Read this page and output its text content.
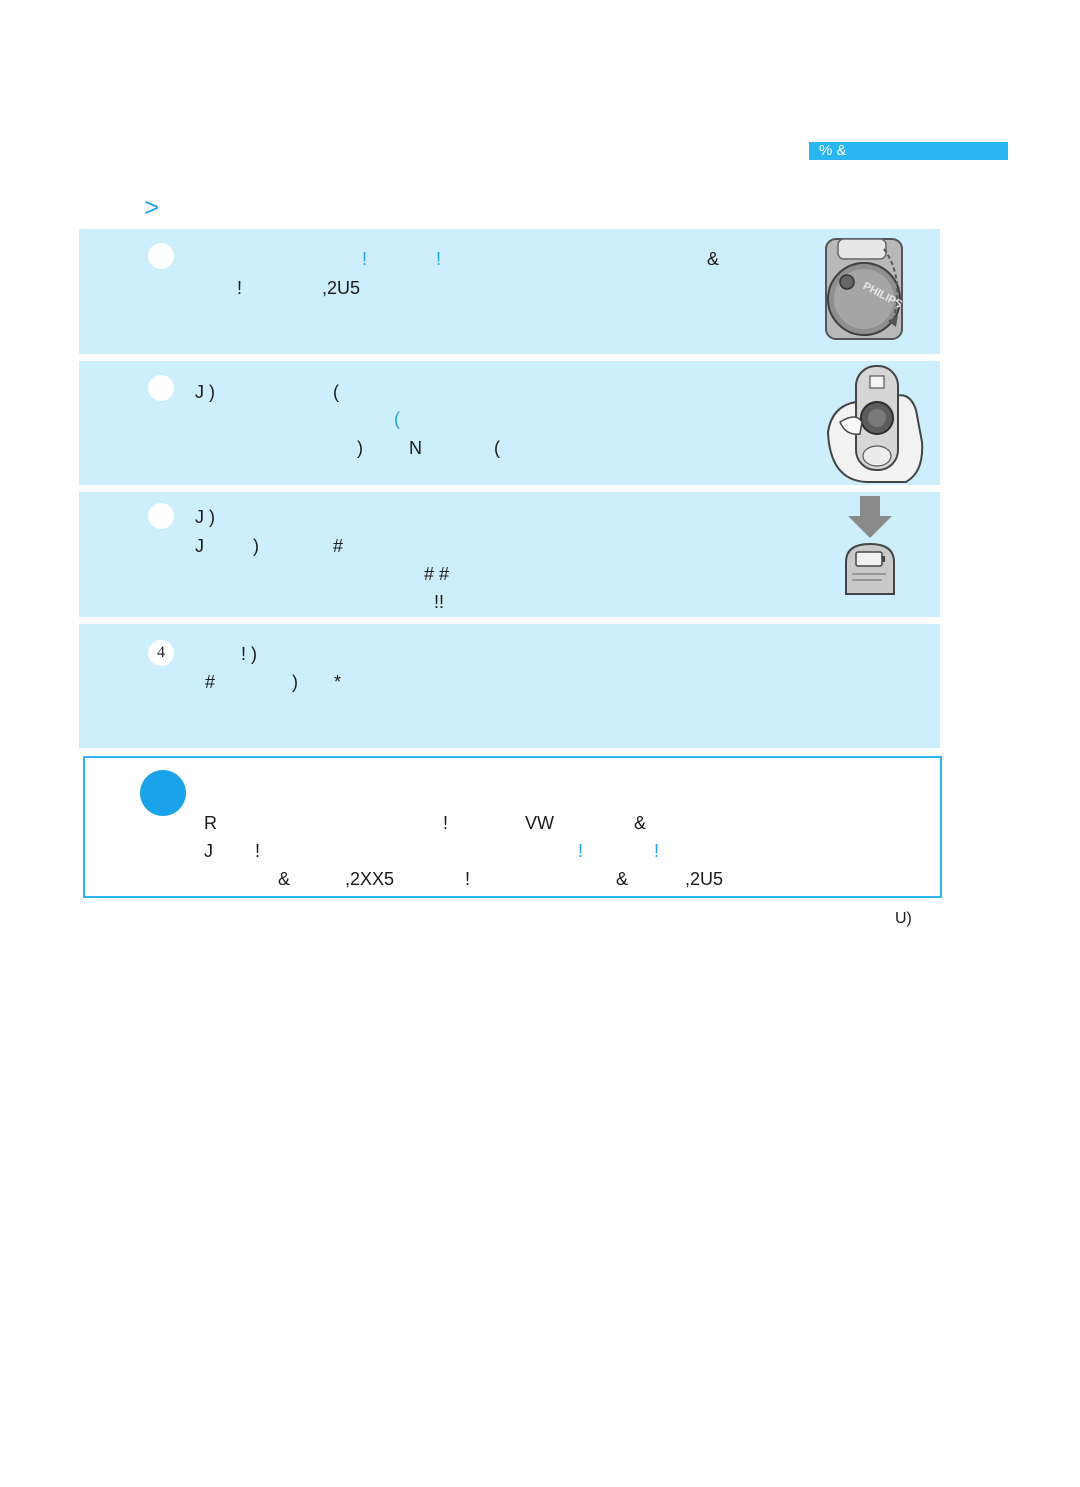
% &
>
4
!	!	&
!	,2U5
J )	(
(
)	N	(
J )
J	)	#
# #
!!
! )
#	) *
R	!	VW	&
J !	!	!
&	,2XX5	!	&	,2U5
U)
PHILIPS
